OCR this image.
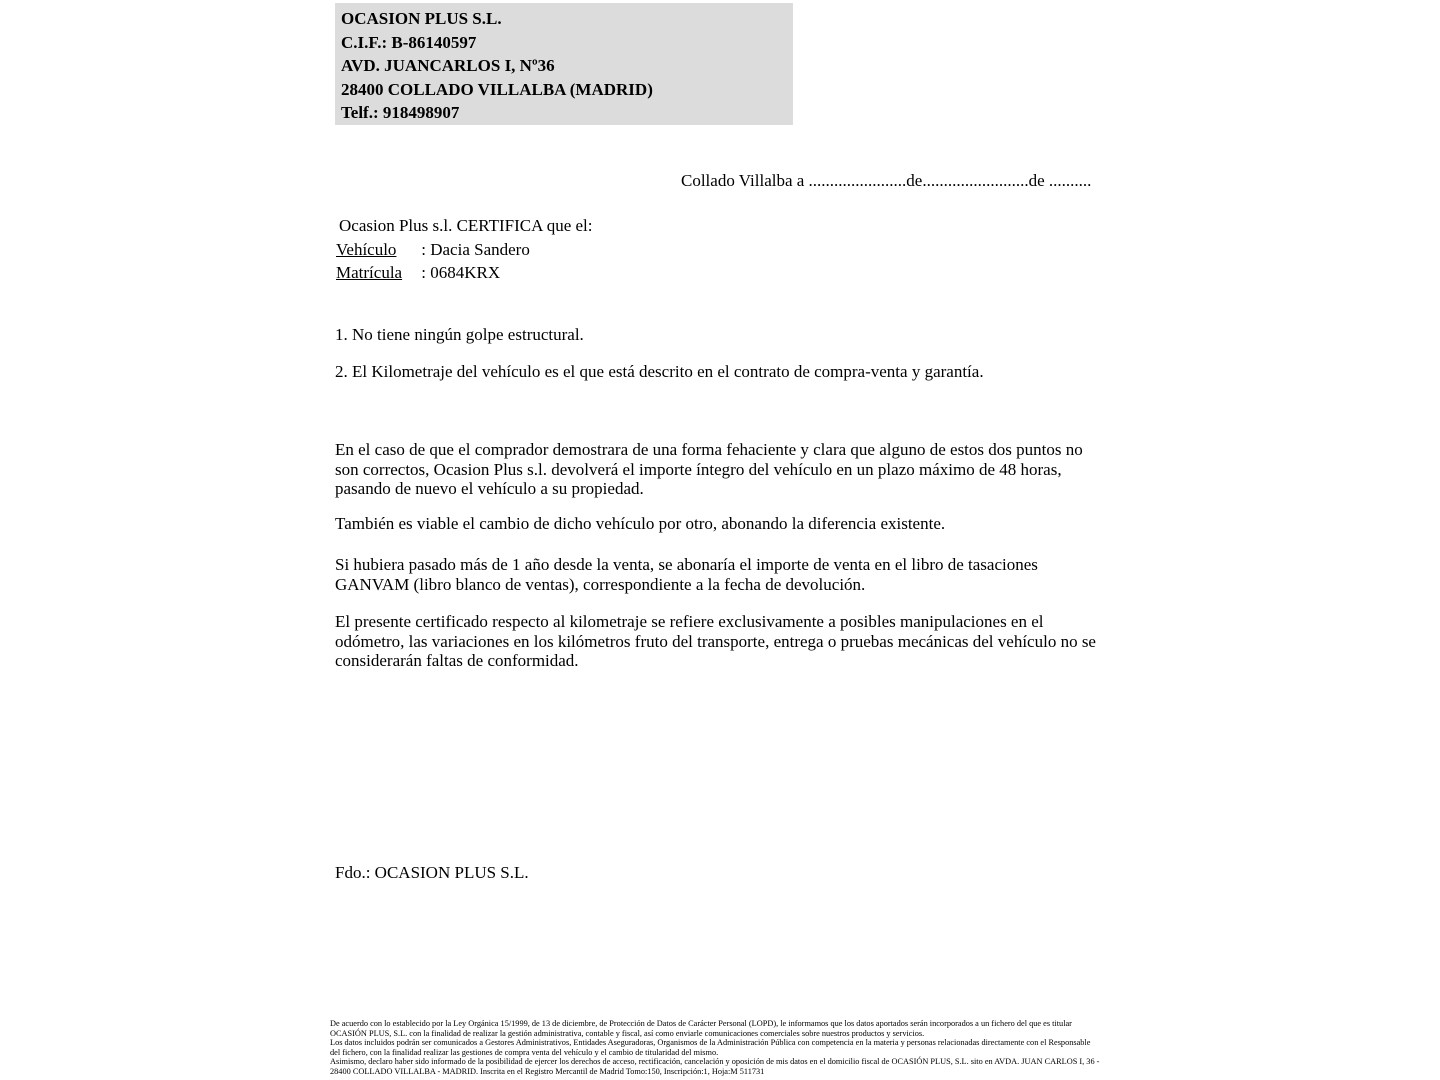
OCASION PLUS S.L.
C.I.F.: B-86140597
AVD. JUANCARLOS I, Nº36
28400 COLLADO VILLALBA (MADRID)
Telf.: 918498907
Collado Villalba a .......................de.........................de ..........
Ocasion Plus s.l. CERTIFICA que el:
Vehículo : Dacia Sandero
Matrícula : 0684KRX
1. No tiene ningún golpe estructural.
2. El Kilometraje del vehículo es el que está descrito en el contrato de compra-venta y garantía.
En el caso de que el comprador demostrara de una forma fehaciente y clara que alguno de estos dos puntos no son correctos, Ocasion Plus s.l. devolverá el importe íntegro del vehículo en un plazo máximo de 48 horas, pasando de nuevo el vehículo a su propiedad.
También es viable el cambio de dicho vehículo por otro, abonando la diferencia existente.
Si hubiera pasado más de 1 año desde la venta, se abonaría el importe de venta en el libro de tasaciones GANVAM (libro blanco de ventas), correspondiente a la fecha de devolución.
El presente certificado respecto al kilometraje se refiere exclusivamente a posibles manipulaciones en el odómetro, las variaciones en los kilómetros fruto del transporte, entrega o pruebas mecánicas del vehículo no se considerarán faltas de conformidad.
Fdo.: OCASION PLUS S.L.
De acuerdo con lo establecido por la Ley Orgánica 15/1999, de 13 de diciembre, de Protección de Datos de Carácter Personal (LOPD), le informamos que los datos aportados serán incorporados a un fichero del que es titular OCASIÓN PLUS, S.L. con la finalidad de realizar la gestión administrativa, contable y fiscal, así como enviarle comunicaciones comerciales sobre nuestros productos y servicios.
Los datos incluidos podrán ser comunicados a Gestores Administrativos, Entidades Aseguradoras, Organismos de la Administración Pública con competencia en la materia y personas relacionadas directamente con el Responsable del fichero, con la finalidad realizar las gestiones de compra venta del vehículo y el cambio de titularidad del mismo.
Asimismo, declaro haber sido informado de la posibilidad de ejercer los derechos de acceso, rectificación, cancelación y oposición de mis datos en el domicilio fiscal de OCASIÓN PLUS, S.L. sito en AVDA. JUAN CARLOS I, 36 - 28400 COLLADO VILLALBA - MADRID. Inscrita en el Registro Mercantil de Madrid Tomo:150, Inscripción:1, Hoja:M 511731
